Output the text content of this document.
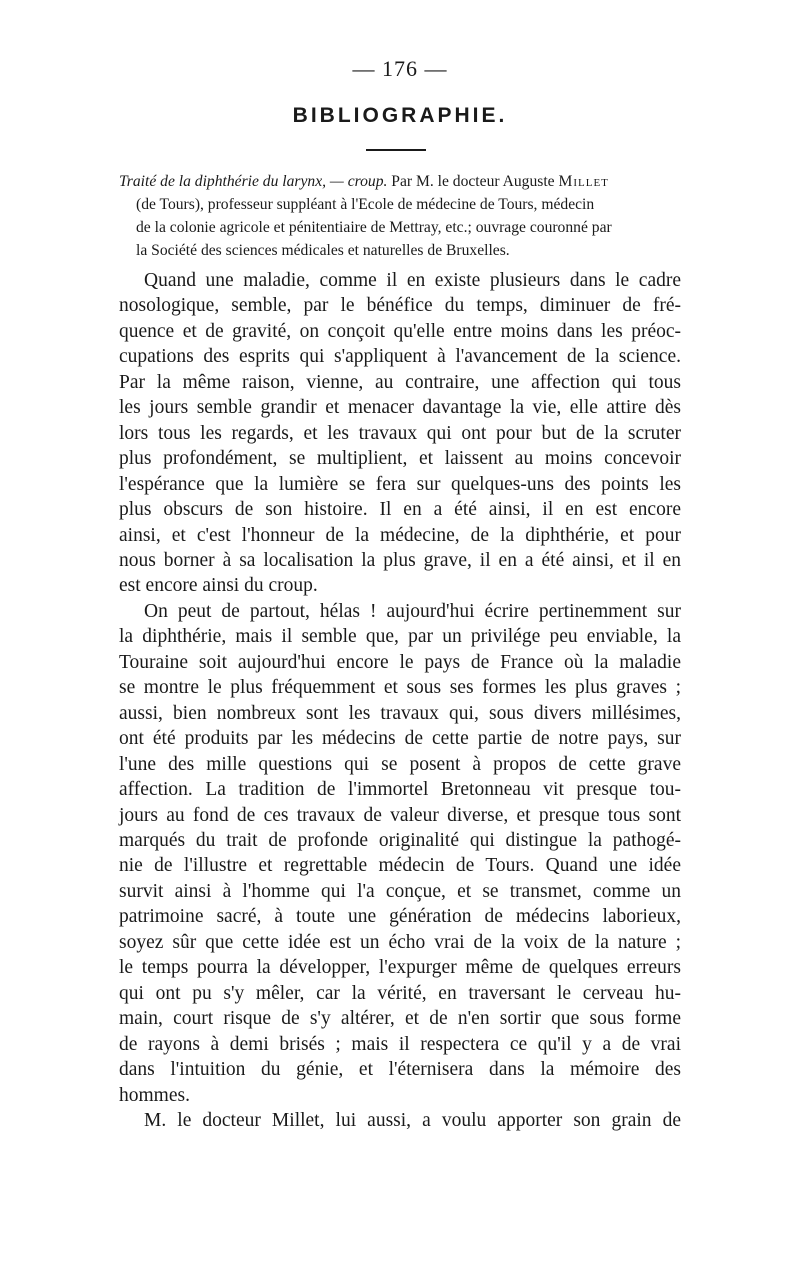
— 176 —
BIBLIOGRAPHIE.
Traité de la diphthérie du larynx, — croup. Par M. le docteur Auguste Millet
(de Tours), professeur suppléant à l'Ecole de médecine de Tours, médecin
de la colonie agricole et pénitentiaire de Mettray, etc.; ouvrage couronné par
la Société des sciences médicales et naturelles de Bruxelles.
Quand une maladie, comme il en existe plusieurs dans le cadre
nosologique, semble, par le bénéfice du temps, diminuer de fré-
quence et de gravité, on conçoit qu'elle entre moins dans les préoc-
cupations des esprits qui s'appliquent à l'avancement de la science.
Par la même raison, vienne, au contraire, une affection qui tous
les jours semble grandir et menacer davantage la vie, elle attire dès
lors tous les regards, et les travaux qui ont pour but de la scruter
plus profondément, se multiplient, et laissent au moins concevoir
l'espérance que la lumière se fera sur quelques-uns des points les
plus obscurs de son histoire. Il en a été ainsi, il en est encore
ainsi, et c'est l'honneur de la médecine, de la diphthérie, et pour
nous borner à sa localisation la plus grave, il en a été ainsi, et il en
est encore ainsi du croup.
On peut de partout, hélas ! aujourd'hui écrire pertinemment sur
la diphthérie, mais il semble que, par un privilége peu enviable, la
Touraine soit aujourd'hui encore le pays de France où la maladie
se montre le plus fréquemment et sous ses formes les plus graves ;
aussi, bien nombreux sont les travaux qui, sous divers millésimes,
ont été produits par les médecins de cette partie de notre pays, sur
l'une des mille questions qui se posent à propos de cette grave
affection. La tradition de l'immortel Bretonneau vit presque tou-
jours au fond de ces travaux de valeur diverse, et presque tous sont
marqués du trait de profonde originalité qui distingue la pathogé-
nie de l'illustre et regrettable médecin de Tours. Quand une idée
survit ainsi à l'homme qui l'a conçue, et se transmet, comme un
patrimoine sacré, à toute une génération de médecins laborieux,
soyez sûr que cette idée est un écho vrai de la voix de la nature ;
le temps pourra la développer, l'expurger même de quelques erreurs
qui ont pu s'y mêler, car la vérité, en traversant le cerveau hu-
main, court risque de s'y altérer, et de n'en sortir que sous forme
de rayons à demi brisés ; mais il respectera ce qu'il y a de vrai
dans l'intuition du génie, et l'éternisera dans la mémoire des
hommes.
M. le docteur Millet, lui aussi, a voulu apporter son grain de
